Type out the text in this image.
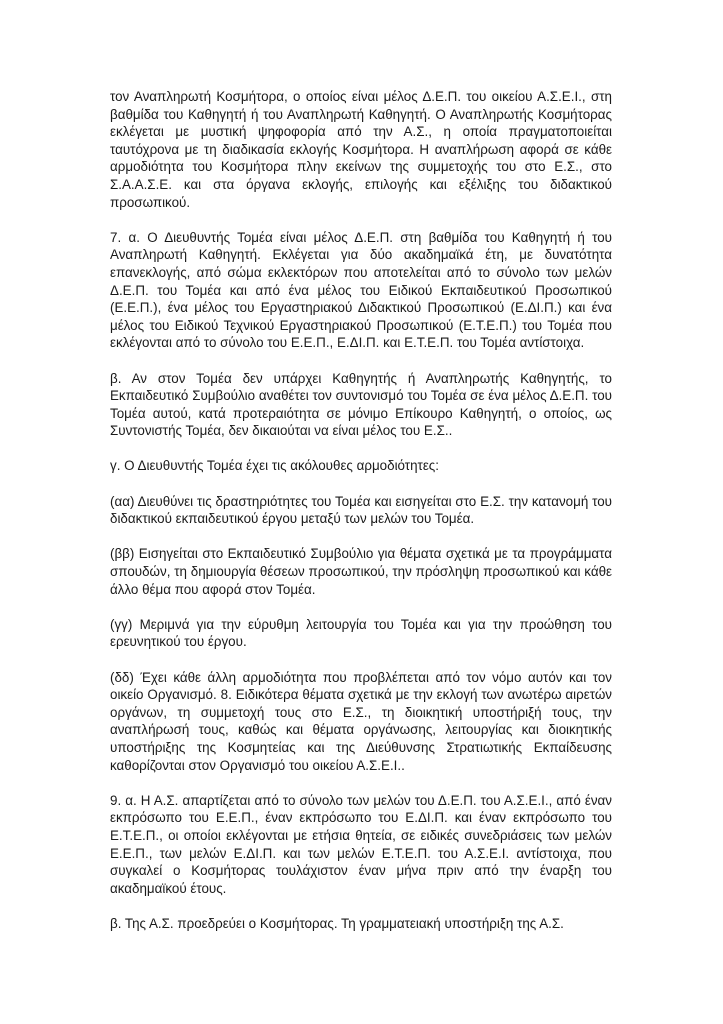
τον Αναπληρωτή Κοσμήτορα, ο οποίος είναι μέλος Δ.Ε.Π. του οικείου Α.Σ.Ε.Ι., στη βαθμίδα του Καθηγητή ή του Αναπληρωτή Καθηγητή. Ο Αναπληρωτής Κοσμήτορας εκλέγεται με μυστική ψηφοφορία από την Α.Σ., η οποία πραγματοποιείται ταυτόχρονα με τη διαδικασία εκλογής Κοσμήτορα. Η αναπλήρωση αφορά σε κάθε αρμοδιότητα του Κοσμήτορα πλην εκείνων της συμμετοχής του στο Ε.Σ., στο Σ.Α.Α.Σ.Ε. και στα όργανα εκλογής, επιλογής και εξέλιξης του διδακτικού προσωπικού.

7. α. Ο Διευθυντής Τομέα είναι μέλος Δ.Ε.Π. στη βαθμίδα του Καθηγητή ή του Αναπληρωτή Καθηγητή. Εκλέγεται για δύο ακαδημαϊκά έτη, με δυνατότητα επανεκλογής, από σώμα εκλεκτόρων που αποτελείται από το σύνολο των μελών Δ.Ε.Π. του Τομέα και από ένα μέλος του Ειδικού Εκπαιδευτικού Προσωπικού (Ε.Ε.Π.), ένα μέλος του Εργαστηριακού Διδακτικού Προσωπικού (Ε.ΔΙ.Π.) και ένα μέλος του Ειδικού Τεχνικού Εργαστηριακού Προσωπικού (Ε.Τ.Ε.Π.) του Τομέα που εκλέγονται από το σύνολο του Ε.Ε.Π., Ε.ΔΙ.Π. και Ε.Τ.Ε.Π. του Τομέα αντίστοιχα.

β. Αν στον Τομέα δεν υπάρχει Καθηγητής ή Αναπληρωτής Καθηγητής, το Εκπαιδευτικό Συμβούλιο αναθέτει τον συντονισμό του Τομέα σε ένα μέλος Δ.Ε.Π. του Τομέα αυτού, κατά προτεραιότητα σε μόνιμο Επίκουρο Καθηγητή, ο οποίος, ως Συντονιστής Τομέα, δεν δικαιούται να είναι μέλος του Ε.Σ..

γ. Ο Διευθυντής Τομέα έχει τις ακόλουθες αρμοδιότητες:

(αα) Διευθύνει τις δραστηριότητες του Τομέα και εισηγείται στο Ε.Σ. την κατανομή του διδακτικού εκπαιδευτικού έργου μεταξύ των μελών του Τομέα.

(ββ) Εισηγείται στο Εκπαιδευτικό Συμβούλιο για θέματα σχετικά με τα προγράμματα σπουδών, τη δημιουργία θέσεων προσωπικού, την πρόσληψη προσωπικού και κάθε άλλο θέμα που αφορά στον Τομέα.

(γγ) Μεριμνά για την εύρυθμη λειτουργία του Τομέα και για την προώθηση του ερευνητικού του έργου.

(δδ) Έχει κάθε άλλη αρμοδιότητα που προβλέπεται από τον νόμο αυτόν και τον οικείο Οργανισμό. 8. Ειδικότερα θέματα σχετικά με την εκλογή των ανωτέρω αιρετών οργάνων, τη συμμετοχή τους στο Ε.Σ., τη διοικητική υποστήριξή τους, την αναπλήρωσή τους, καθώς και θέματα οργάνωσης, λειτουργίας και διοικητικής υποστήριξης της Κοσμητείας και της Διεύθυνσης Στρατιωτικής Εκπαίδευσης καθορίζονται στον Οργανισμό του οικείου Α.Σ.Ε.Ι..

9. α. Η Α.Σ. απαρτίζεται από το σύνολο των μελών του Δ.Ε.Π. του Α.Σ.Ε.Ι., από έναν εκπρόσωπο του Ε.Ε.Π., έναν εκπρόσωπο του Ε.ΔΙ.Π. και έναν εκπρόσωπο του Ε.Τ.Ε.Π., οι οποίοι εκλέγονται με ετήσια θητεία, σε ειδικές συνεδριάσεις των μελών Ε.Ε.Π., των μελών Ε.ΔΙ.Π. και των μελών Ε.Τ.Ε.Π. του Α.Σ.Ε.Ι. αντίστοιχα, που συγκαλεί ο Κοσμήτορας τουλάχιστον έναν μήνα πριν από την έναρξη του ακαδημαϊκού έτους.

β. Της Α.Σ. προεδρεύει ο Κοσμήτορας. Τη γραμματειακή υποστήριξη της Α.Σ.
